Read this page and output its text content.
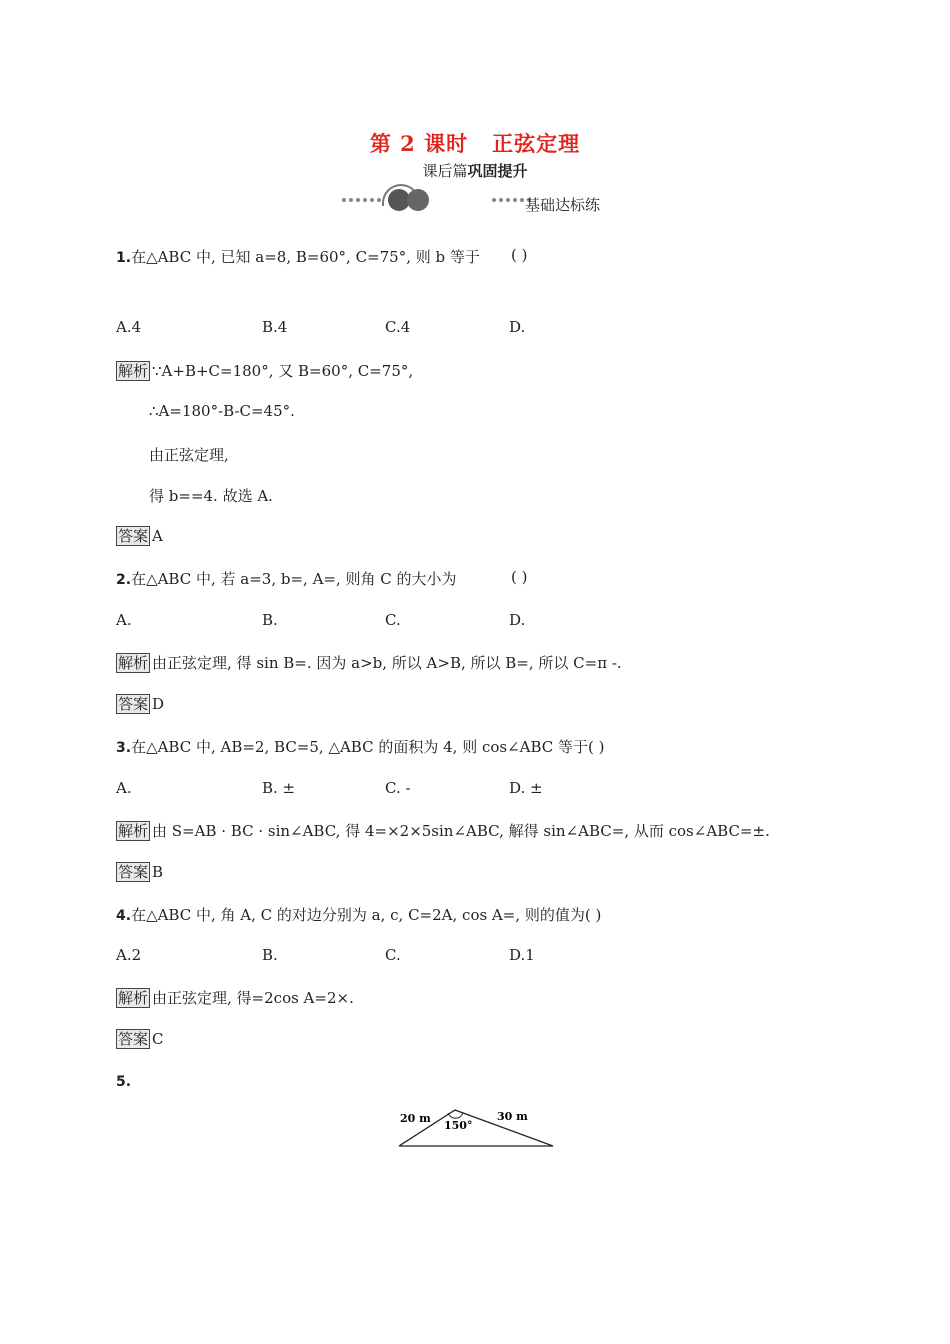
第 2 课时 正弦定理
课后篇巩固提升
基础达标练
1.在△ABC 中, 已知 a=8, B=60°, C=75°, 则 b 等于 ( )
A.4	B.4	C.4	D.
解析 ∵A+B+C=180°, 又 B=60°, C=75°,
∴A=180°-B-C=45°.
由正弦定理,
得 b==4. 故选 A.
答案 A
2.在△ABC 中, 若 a=3, b=, A=, 则角 C 的大小为	( )
A.	B.	C.	D.
解析 由正弦定理, 得 sin B=. 因为 a>b, 所以 A>B, 所以 B=, 所以 C=π -.
答案 D
3.在△ABC 中, AB=2, BC=5, △ABC 的面积为 4, 则 cos∠ABC 等于( )
A.	B. ±	C. -	D. ±
解析 由 S=AB · BC · sin∠ABC, 得 4=×2×5sin∠ABC, 解得 sin∠ABC=, 从而 cos∠ABC=±.
答案 B
4.在△ABC 中, 角 A, C 的对边分别为 a, c, C=2A, cos A=, 则的值为( )
A.2	B.	C.	D.1
解析 由正弦定理, 得=2cos A=2×.
答案 C
5.
20 m	30 m
150°
